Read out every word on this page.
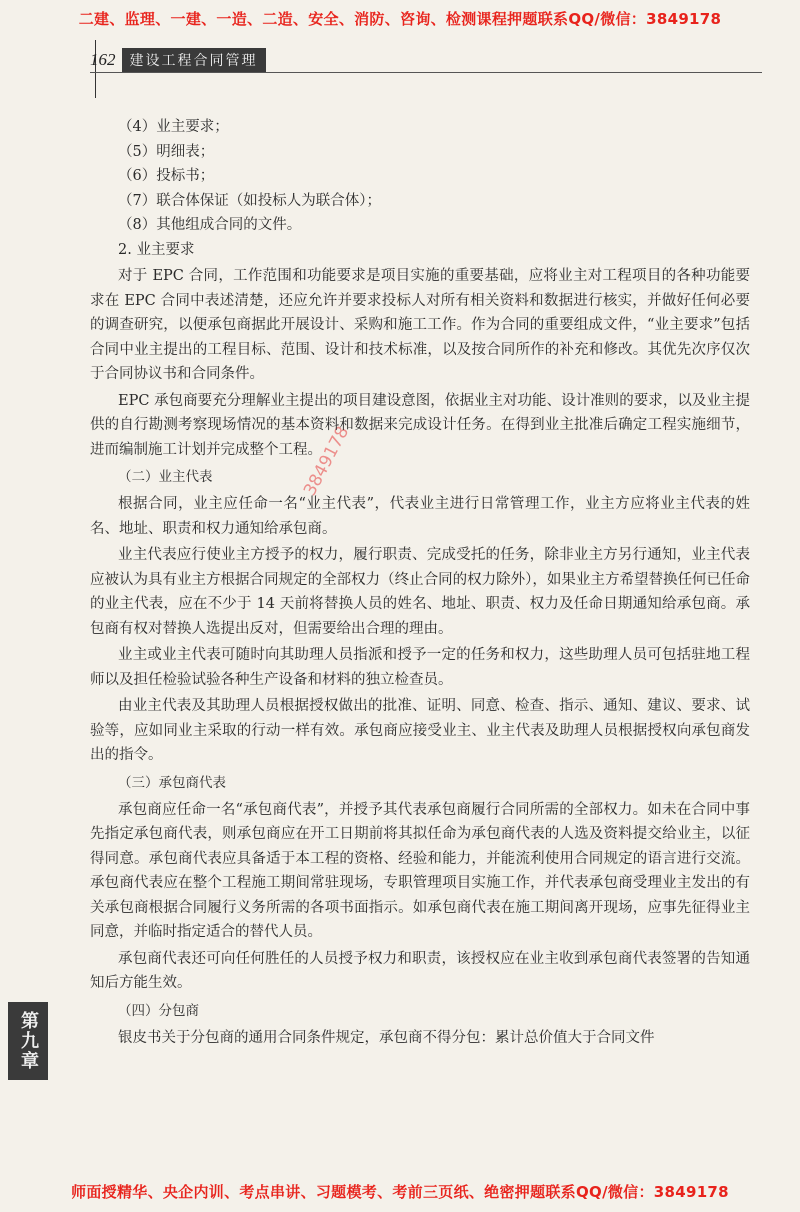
二建、监理、一建、一造、二造、安全、消防、咨询、检测课程押题联系QQ/微信：3849178
162	建设工程合同管理
3849178
（4）业主要求；
（5）明细表；
（6）投标书；
（7）联合体保证（如投标人为联合体）；
（8）其他组成合同的文件。
2. 业主要求
对于 EPC 合同，工作范围和功能要求是项目实施的重要基础，应将业主对工程项目的各种功能要求在 EPC 合同中表述清楚，还应允许并要求投标人对所有相关资料和数据进行核实，并做好任何必要的调查研究，以便承包商据此开展设计、采购和施工工作。作为合同的重要组成文件，“业主要求”包括合同中业主提出的工程目标、范围、设计和技术标准，以及按合同所作的补充和修改。其优先次序仅次于合同协议书和合同条件。
EPC 承包商要充分理解业主提出的项目建设意图，依据业主对功能、设计准则的要求，以及业主提供的自行勘测考察现场情况的基本资料和数据来完成设计任务。在得到业主批准后确定工程实施细节，进而编制施工计划并完成整个工程。
（二）业主代表
根据合同，业主应任命一名“业主代表”，代表业主进行日常管理工作，业主方应将业主代表的姓名、地址、职责和权力通知给承包商。
业主代表应行使业主方授予的权力，履行职责、完成受托的任务，除非业主方另行通知，业主代表应被认为具有业主方根据合同规定的全部权力（终止合同的权力除外），如果业主方希望替换任何已任命的业主代表，应在不少于 14 天前将替换人员的姓名、地址、职责、权力及任命日期通知给承包商。承包商有权对替换人选提出反对，但需要给出合理的理由。
业主或业主代表可随时向其助理人员指派和授予一定的任务和权力，这些助理人员可包括驻地工程师以及担任检验试验各种生产设备和材料的独立检查员。
由业主代表及其助理人员根据授权做出的批准、证明、同意、检查、指示、通知、建议、要求、试验等，应如同业主采取的行动一样有效。承包商应接受业主、业主代表及助理人员根据授权向承包商发出的指令。
（三）承包商代表
承包商应任命一名“承包商代表”，并授予其代表承包商履行合同所需的全部权力。如未在合同中事先指定承包商代表，则承包商应在开工日期前将其拟任命为承包商代表的人选及资料提交给业主，以征得同意。承包商代表应具备适于本工程的资格、经验和能力，并能流利使用合同规定的语言进行交流。承包商代表应在整个工程施工期间常驻现场，专职管理项目实施工作，并代表承包商受理业主发出的有关承包商根据合同履行义务所需的各项书面指示。如承包商代表在施工期间离开现场，应事先征得业主同意，并临时指定适合的替代人员。
承包商代表还可向任何胜任的人员授予权力和职责，该授权应在业主收到承包商代表签署的告知通知后方能生效。
（四）分包商
银皮书关于分包商的通用合同条件规定，承包商不得分包：累计总价值大于合同文件
第九章
师面授精华、央企内训、考点串讲、习题模考、考前三页纸、绝密押题联系QQ/微信：3849178
